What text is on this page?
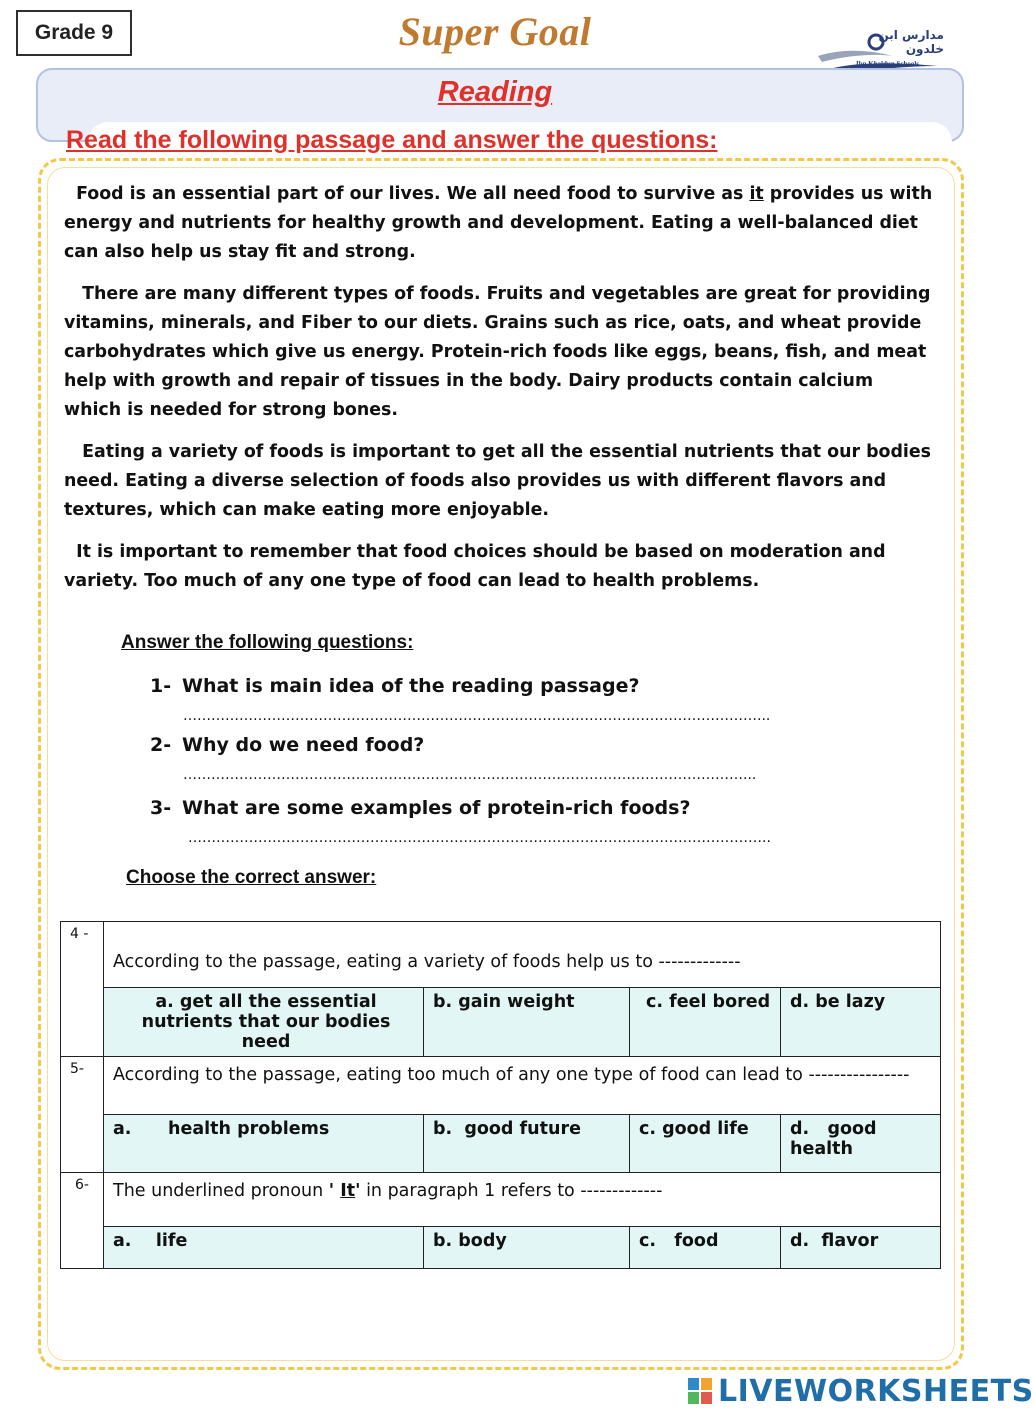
Grade 9	Super Goal	مدارس ابن خلدون
Ibn Khaldun Schools
Reading
Read the following passage and answer the questions:

Food is an essential part of our lives. We all need food to survive as it provides us with energy and nutrients for healthy growth and development. Eating a well-balanced diet can also help us stay fit and strong.

There are many different types of foods. Fruits and vegetables are great for providing vitamins, minerals, and Fiber to our diets. Grains such as rice, oats, and wheat provide carbohydrates which give us energy. Protein-rich foods like eggs, beans, fish, and meat help with growth and repair of tissues in the body. Dairy products contain calcium which is needed for strong bones.

Eating a variety of foods is important to get all the essential nutrients that our bodies need. Eating a diverse selection of foods also provides us with different flavors and textures, which can make eating more enjoyable.

It is important to remember that food choices should be based on moderation and variety. Too much of any one type of food can lead to health problems.

Answer the following questions:
1- What is main idea of the reading passage?
……………………………………………………………………………………………………………...
2- Why do we need food?
…………………………………………………………………………………………………………...
3- What are some examples of protein-rich foods?
……………………………………………………………………………………………………………..
Choose the correct answer:
4 -	According to the passage, eating a variety of foods help us to -------------			
	a. get all the essential nutrients that our bodies need	b. gain weight	c. feel bored	d. be lazy
5-	According to the passage, eating too much of any one type of food can lead to ----------------			
	a.      health problems	b.  good future	c. good life	d.   good health
6-	The underlined pronoun ' It' in paragraph 1 refers to -------------			
	a.    life	b. body	c.   food	d.  flavor
LIVEWORKSHEETS
